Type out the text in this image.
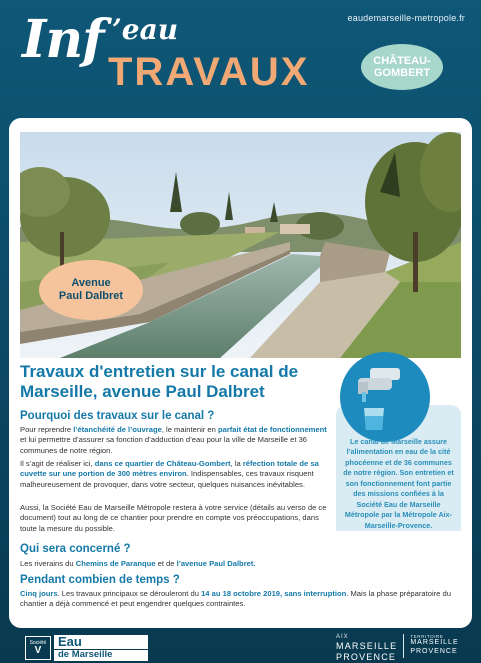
eaudemarseille-metropole.fr
Inf ’eau
TRAVAUX	CHÂTEAU-
GOMBERT
Avenue
Paul Dalbret
Travaux d'entretien sur le canal de Marseille, avenue Paul Dalbret
Pourquoi des travaux sur le canal ?
Pour reprendre l’étanchéité de l’ouvrage, le maintenir en parfait état de fonctionnement et lui permettre d’assurer sa fonction d’adduction d’eau pour la ville de Marseille et 36 communes de notre région.
Il s’agit de réaliser ici, dans ce quartier de Château-Gombert, la réfection totale de sa cuvette sur une portion de 300 mètres environ. Indispensables, ces travaux risquent malheureusement de provoquer, dans votre secteur, quelques nuisances inévitables.
Aussi, la Société Eau de Marseille Métropole restera à votre service (détails au verso de ce document) tout au long de ce chantier pour prendre en compte vos préoccupations, dans toute la mesure du possible.
Qui sera concerné ?
Les riverains du Chemins de Paranque et de l’avenue Paul Dalbret.
Pendant combien de temps ?
Cinq jours. Les travaux principaux se dérouleront du 14 au 18 octobre 2019, sans interruption. Mais la phase préparatoire du chantier a déjà commencé et peut engendrer quelques contraintes.
Le canal de Marseille assure l’alimentation en eau de la cité phocéenne et de 36 communes de notre région. Son entretien et son fonctionnement font partie des missions confiées à la Société Eau de Marseille Métropole par la Métropole Aix-Marseille-Provence.
Société
V
Eau
de Marseille
AIX
MARSEILLE
PROVENCE
TERRITOIRE
MARSEILLE
PROVENCE
